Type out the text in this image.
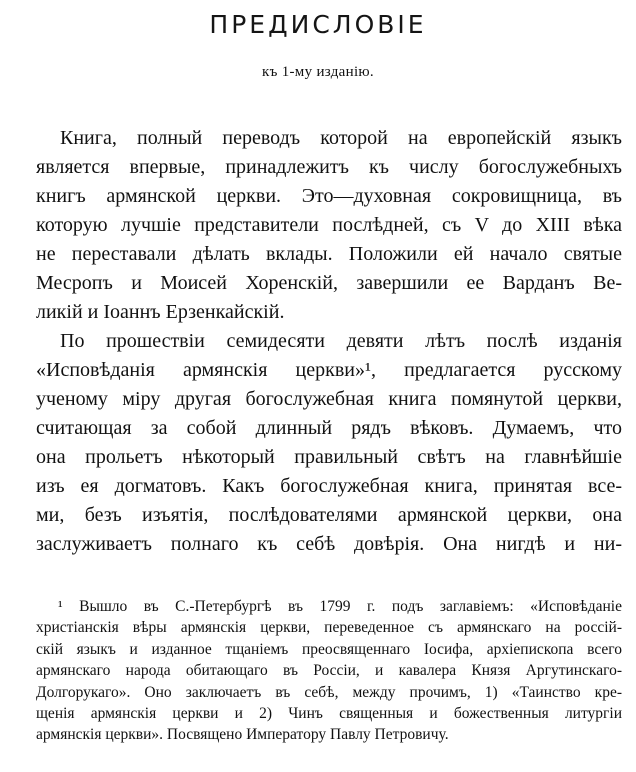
ПРЕДИСЛОВІЕ
къ 1-му изданію.
Книга, полный переводъ которой на европейскій языкъ
является впервые, принадлежитъ къ числу богослужебныхъ
книгъ армянской церкви. Это—духовная сокровищница, въ
которую лучшіе представители послѣдней, съ V до XIII вѣка
не переставали дѣлать вклады. Положили ей начало святые
Месропъ и Моисей Хоренскій, завершили ее Варданъ Ве-
ликій и Іоаннъ Ерзенкайскій.
По прошествіи семидесяти девяти лѣтъ послѣ изданія
«Исповѣданія армянскія церкви»¹, предлагается русскому
ученому міру другая богослужебная книга помянутой церкви,
считающая за собой длинный рядъ вѣковъ. Думаемъ, что
она прольетъ нѣкоторый правильный свѣтъ на главнѣйшіе
изъ ея догматовъ. Какъ богослужебная книга, принятая все-
ми, безъ изъятія, послѣдователями армянской церкви, она
заслуживаетъ полнаго къ себѣ довѣрія. Она нигдѣ и ни-
¹ Вышло въ С.-Петербургѣ въ 1799 г. подъ заглавіемъ: «Исповѣданіе
христіанскія вѣры армянскія церкви, переведенное съ армянскаго на россій-
скій языкъ и изданное тщаніемъ преосвященнаго Іосифа, архіепископа всего
армянскаго народа обитающаго въ Россіи, и кавалера Князя Аргутинскаго-
Долгорукаго». Оно заключаетъ въ себѣ, между прочимъ, 1) «Таинство кре-
щенія армянскія церкви и 2) Чинъ священныя и божественныя литургіи
армянскія церкви». Посвящено Императору Павлу Петровичу.
